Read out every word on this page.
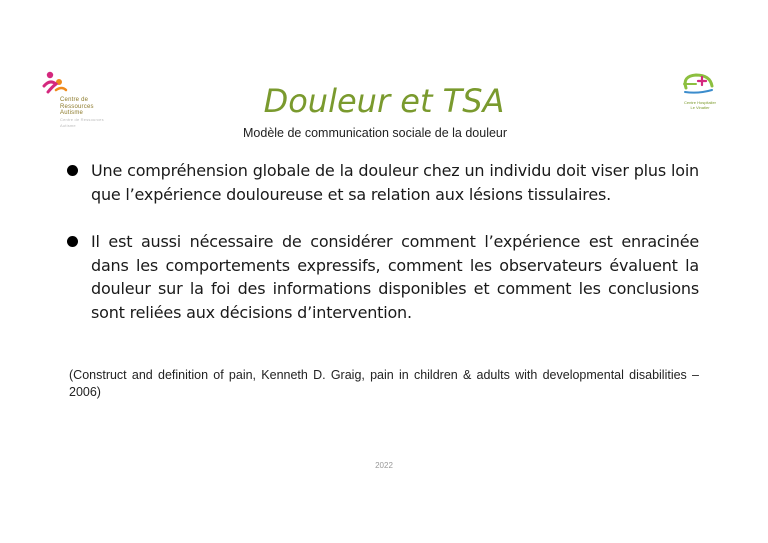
Centre de
Ressources
Autisme
Centre de Ressources Autisme
Centre Hospitalier
Le Vinatier
Douleur et TSA
Modèle de communication sociale de la douleur
Une compréhension globale de la douleur chez un individu doit viser plus loin que l’expérience douloureuse et sa relation aux lésions tissulaires.
Il est aussi nécessaire de considérer comment l’expérience est enracinée dans les comportements expressifs, comment les observateurs évaluent la douleur sur la foi des informations disponibles et comment les conclusions sont reliées aux décisions d’intervention.
(Construct and definition of pain, Kenneth D. Graig, pain in children & adults with developmental disabilities – 2006)
2022
